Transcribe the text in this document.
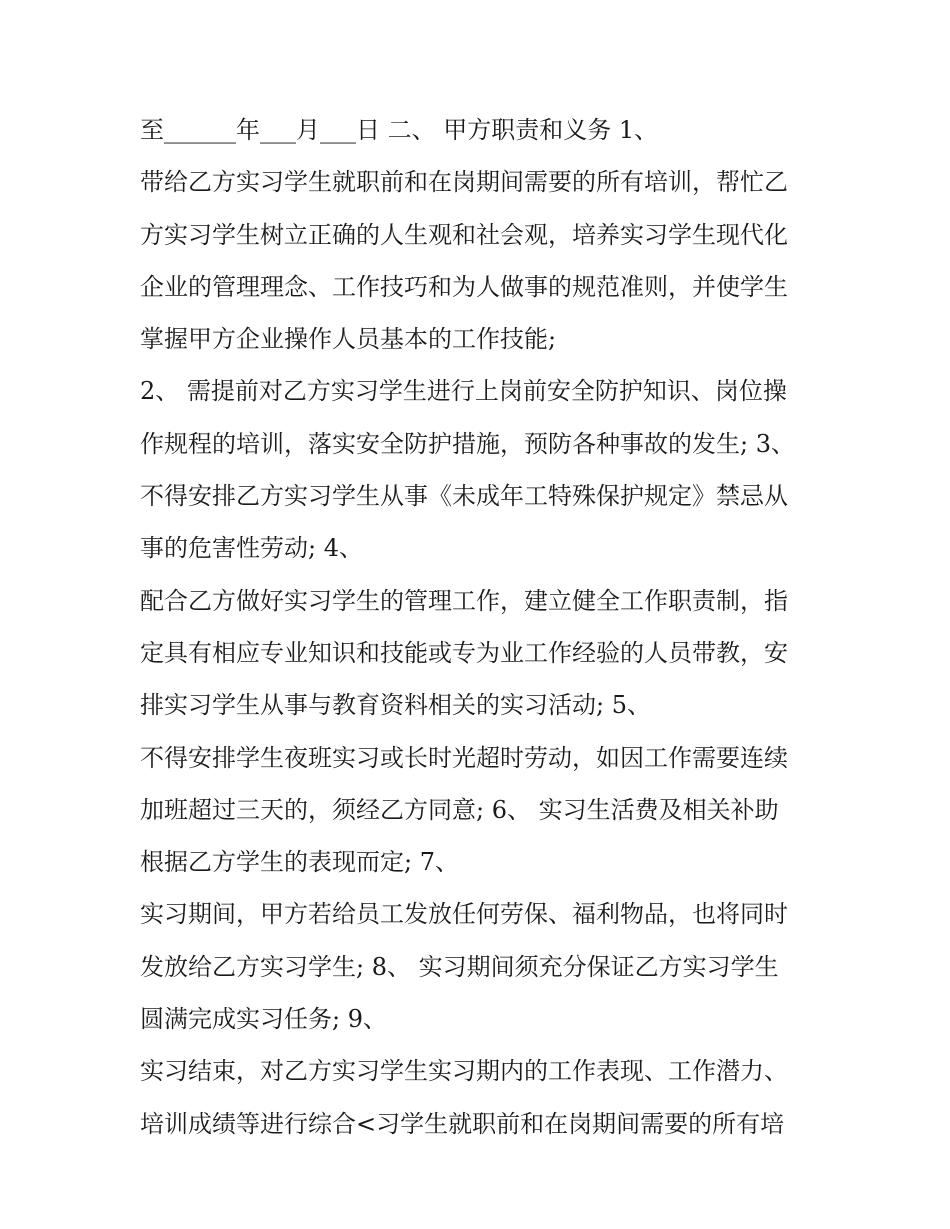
至______年___月___日 二、 甲方职责和义务 1、
带给乙方实习学生就职前和在岗期间需要的所有培训，帮忙乙
方实习学生树立正确的人生观和社会观，培养实习学生现代化
企业的管理理念、工作技巧和为人做事的规范准则，并使学生
掌握甲方企业操作人员基本的工作技能;
2、 需提前对乙方实习学生进行上岗前安全防护知识、岗位操
作规程的培训，落实安全防护措施，预防各种事故的发生; 3、
不得安排乙方实习学生从事《未成年工特殊保护规定》禁忌从
事的危害性劳动; 4、
配合乙方做好实习学生的管理工作，建立健全工作职责制，指
定具有相应专业知识和技能或专为业工作经验的人员带教，安
排实习学生从事与教育资料相关的实习活动; 5、
不得安排学生夜班实习或长时光超时劳动，如因工作需要连续
加班超过三天的，须经乙方同意; 6、 实习生活费及相关补助
根据乙方学生的表现而定; 7、
实习期间，甲方若给员工发放任何劳保、福利物品，也将同时
发放给乙方实习学生; 8、 实习期间须充分保证乙方实习学生
圆满完成实习任务; 9、
实习结束，对乙方实习学生实习期内的工作表现、工作潜力、
培训成绩等进行综合<习学生就职前和在岗期间需要的所有培
